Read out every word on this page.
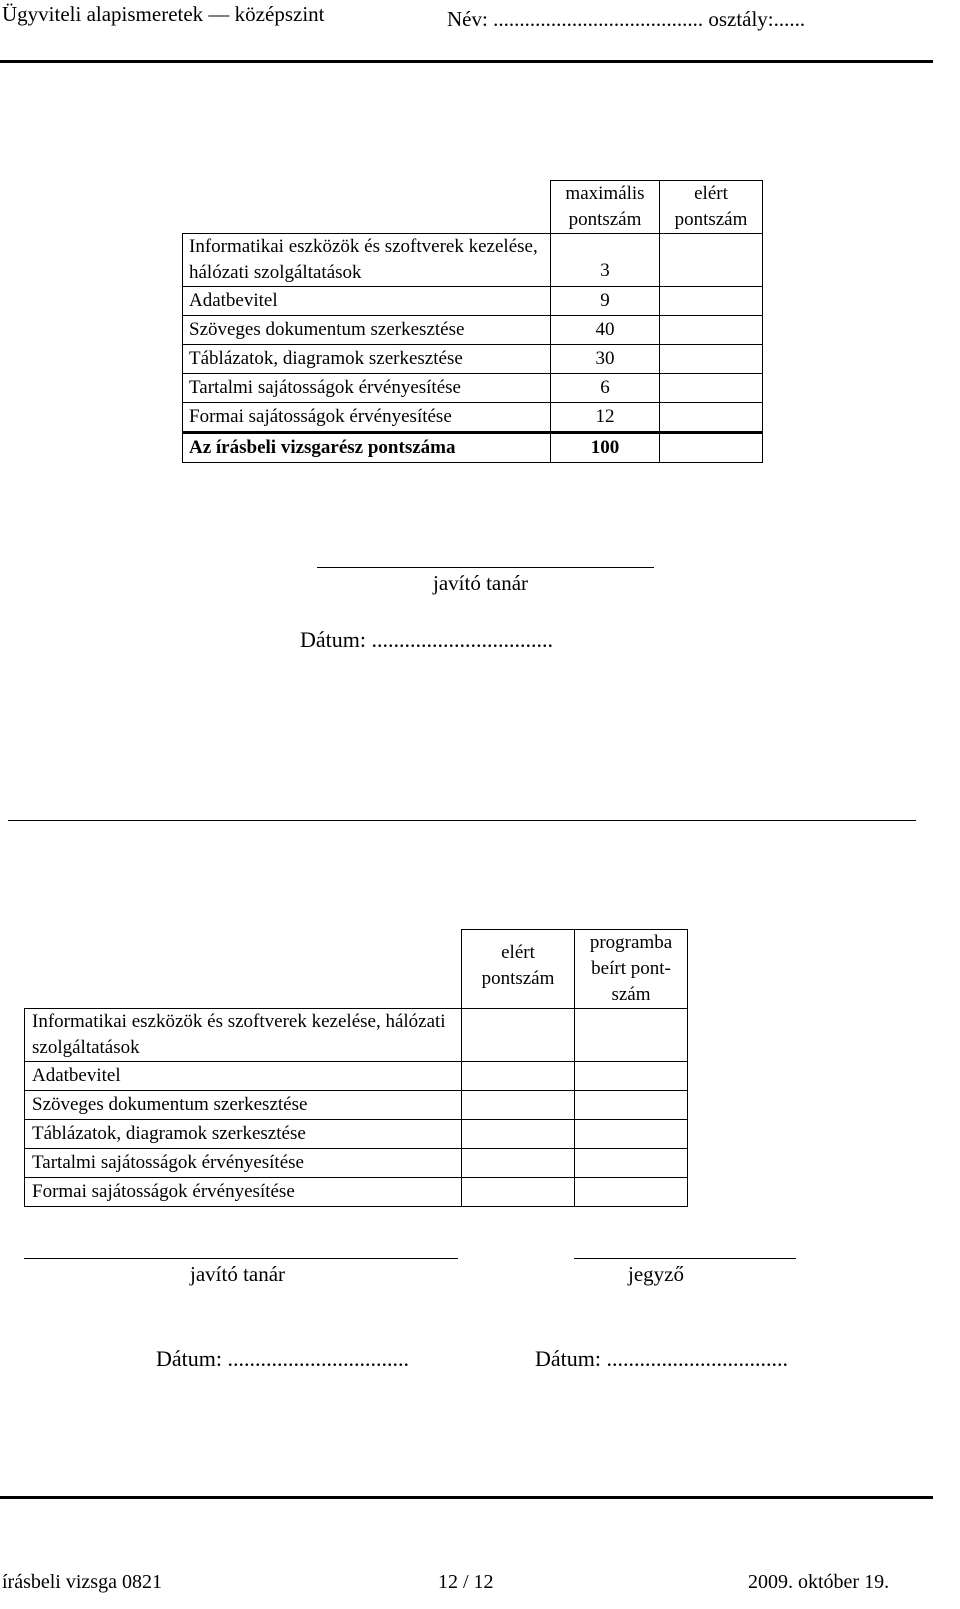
Ügyviteli alapismeretek — középszint	Név: ........................................ osztály:......
	maximális pontszám	elért pontszám
Informatikai eszközök és szoftverek kezelése, hálózati szolgáltatások	3	
Adatbevitel	9	
Szöveges dokumentum szerkesztése	40	
Táblázatok, diagramok szerkesztése	30	
Tartalmi sajátosságok érvényesítése	6	
Formai sajátosságok érvényesítése	12	
Az írásbeli vizsgarész pontszáma	100	
javító tanár
Dátum: .................................
	elért pontszám	programba beírt pont-szám
Informatikai eszközök és szoftverek kezelése, hálózati szolgáltatások		
Adatbevitel		
Szöveges dokumentum szerkesztése		
Táblázatok, diagramok szerkesztése		
Tartalmi sajátosságok érvényesítése		
Formai sajátosságok érvényesítése		
javító tanár	jegyző
Dátum: .................................	Dátum: .................................
írásbeli vizsga 0821	12 / 12	2009. október 19.
